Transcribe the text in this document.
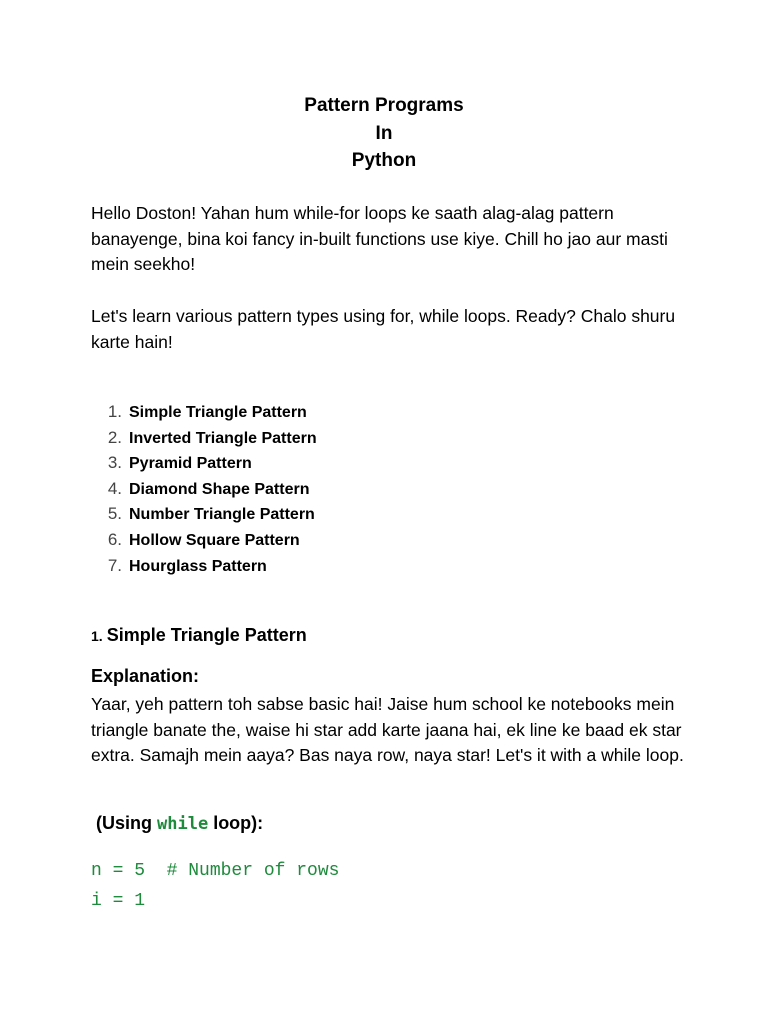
Pattern Programs
In
Python
Hello Doston! Yahan hum while-for loops ke saath alag-alag pattern banayenge, bina koi fancy in-built functions use kiye. Chill ho jao aur masti mein seekho!
Let's learn various pattern types using for, while loops. Ready? Chalo shuru karte hain!
1. Simple Triangle Pattern
2. Inverted Triangle Pattern
3. Pyramid Pattern
4. Diamond Shape Pattern
5. Number Triangle Pattern
6. Hollow Square Pattern
7. Hourglass Pattern
1. Simple Triangle Pattern
Explanation:
Yaar, yeh pattern toh sabse basic hai! Jaise hum school ke notebooks mein triangle banate the, waise hi star add karte jaana hai, ek line ke baad ek star extra. Samajh mein aaya? Bas naya row, naya star! Let's it with a while loop.
(Using while loop):
n = 5  # Number of rows
i = 1
